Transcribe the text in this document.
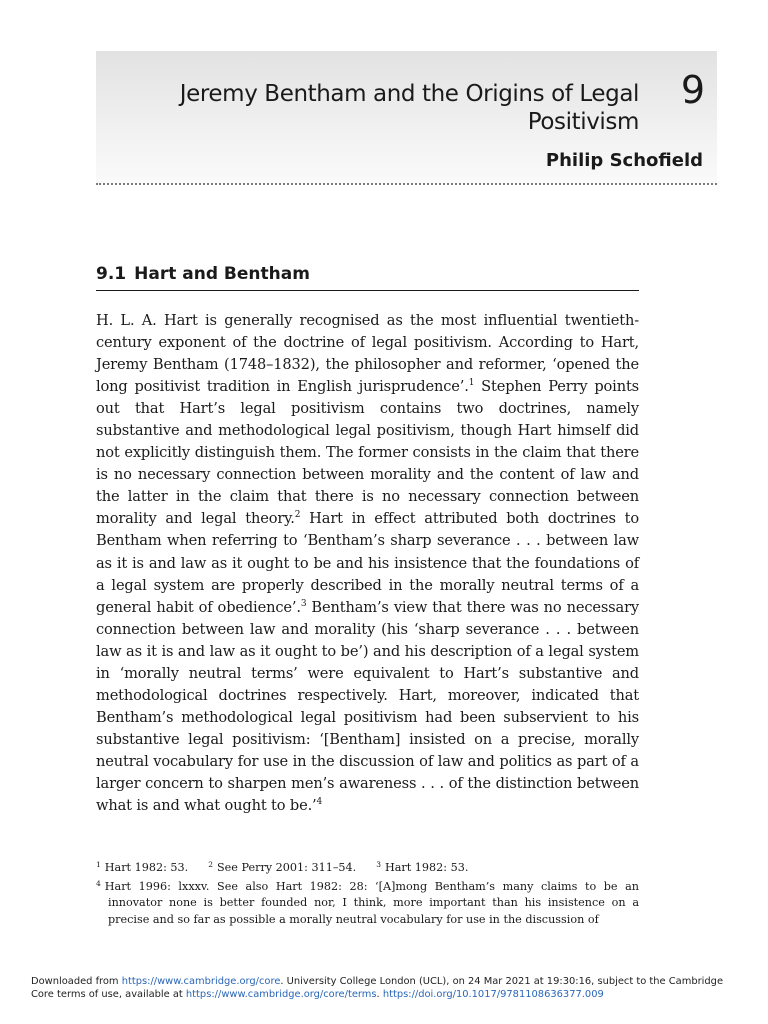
Jeremy Bentham and the Origins of Legal Positivism
9
Philip Schofield
9.1 Hart and Bentham

H. L. A. Hart is generally recognised as the most influential twentieth-century exponent of the doctrine of legal positivism. According to Hart, Jeremy Bentham (1748–1832), the philosopher and reformer, ‘opened the long positivist tradition in English jurisprudence’.$^1$ Stephen Perry points out that Hart’s legal positivism contains two doctrines, namely substantive and methodological legal positivism, though Hart himself did not explicitly distinguish them. The former consists in the claim that there is no necessary connection between morality and the content of law and the latter in the claim that there is no necessary connection between morality and legal theory.$^2$ Hart in effect attributed both doctrines to Bentham when referring to ‘Bentham’s sharp severance . . . between law as it is and law as it ought to be and his insistence that the foundations of a legal system are properly described in the morally neutral terms of a general habit of obedience’.$^3$ Bentham’s view that there was no necessary connection between law and morality (his ‘sharp severance . . . between law as it is and law as it ought to be’) and his description of a legal system in ‘morally neutral terms’ were equivalent to Hart’s substantive and methodological doctrines respectively. Hart, moreover, indicated that Bentham’s methodological legal positivism had been subservient to his substantive legal positivism: ‘[Bentham] insisted on a precise, morally neutral vocabulary for use in the discussion of law and politics as part of a larger concern to sharpen men’s awareness . . . of the distinction between what is and what ought to be.’$^4$

$^1$ Hart 1982: 53.	$^2$ See Perry 2001: 311–54.	$^3$ Hart 1982: 53.
$^4$ Hart 1996: lxxxv. See also Hart 1982: 28: ‘[A]mong Bentham’s many claims to be an innovator none is better founded nor, I think, more important than his insistence on a precise and so far as possible a morally neutral vocabulary for use in the discussion of
Downloaded from https://www.cambridge.org/core. University College London (UCL), on 24 Mar 2021 at 19:30:16, subject to the Cambridge Core terms of use, available at https://www.cambridge.org/core/terms. https://doi.org/10.1017/9781108636377.009
